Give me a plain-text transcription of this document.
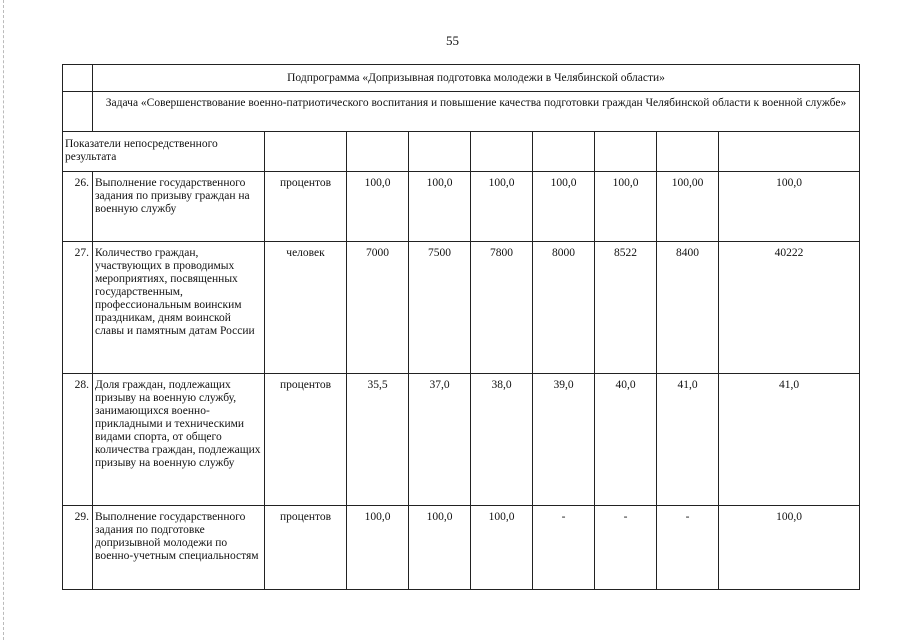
55
	Подпрограмма «Допризывная подготовка молодежи в Челябинской области»								
	Задача «Совершенствование военно-патриотического воспитания и повышение качества подготовки граждан Челябинской области к военной службе»								
Показатели непосредственного результата									
26.	Выполнение государственного задания по призыву граждан на военную службу	процентов	100,0	100,0	100,0	100,0	100,0	100,00	100,0
27.	Количество граждан, участвующих в проводимых мероприятиях, посвященных государственным, профессиональным воинским праздникам, дням воинской славы и памятным датам России	человек	7000	7500	7800	8000	8522	8400	40222
28.	Доля граждан, подлежащих призыву на военную службу, занимающихся военно-прикладными и техническими видами спорта, от общего количества граждан, подлежащих призыву на военную службу	процентов	35,5	37,0	38,0	39,0	40,0	41,0	41,0
29.	Выполнение государственного задания по подготовке допризывной молодежи по военно-учетным специальностям	процентов	100,0	100,0	100,0	-	-	-	100,0
